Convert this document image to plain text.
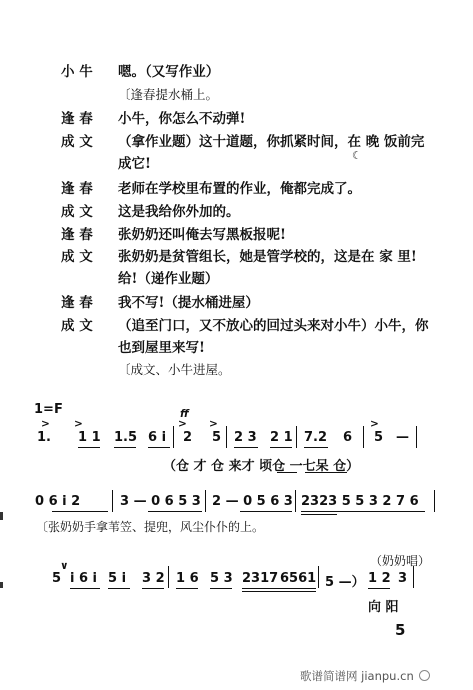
小 牛	嗯。（又写作业）
〔逢春提水桶上。
逢 春	小牛，你怎么不动弹!
成 文	（拿作业题）这十道题，你抓紧时间，在 晚 饭前完
成它!
逢 春	老师在学校里布置的作业，俺都完成了。
成 文	这是我给你外加的。
逢 春	张奶奶还叫俺去写黑板报呢!
成 文	张奶奶是贫管组长，她是管学校的，这是在 家 里!
给!（递作业题）
逢 春	我不写!（提水桶进屋）
成 文	（追至门口，又不放心的回过头来对小牛）小牛，你
也到屋里来写!
〔成文、小牛进屋。
☾
1=F	ff
> >	> >	>
1. 1 1 1.5 6 i 2 5 2 3 2 1 7.2 6 5 —
（仓 才 仓 来才 顷仓 一七呆 仓）
0 6 i 2	3 — 0 6 5 3 2 — 0 5 6 3 2323 5 5 3 2 7 6
〔张奶奶手拿苇笠、提兜，风尘仆仆的上。
（奶奶唱）
∨
5 i 6 i 5 i 3 2 1 6 5 3 2317 6561 5 —） 1 2 3
向 阳
5
歌谱简谱网 jianpu.cn
